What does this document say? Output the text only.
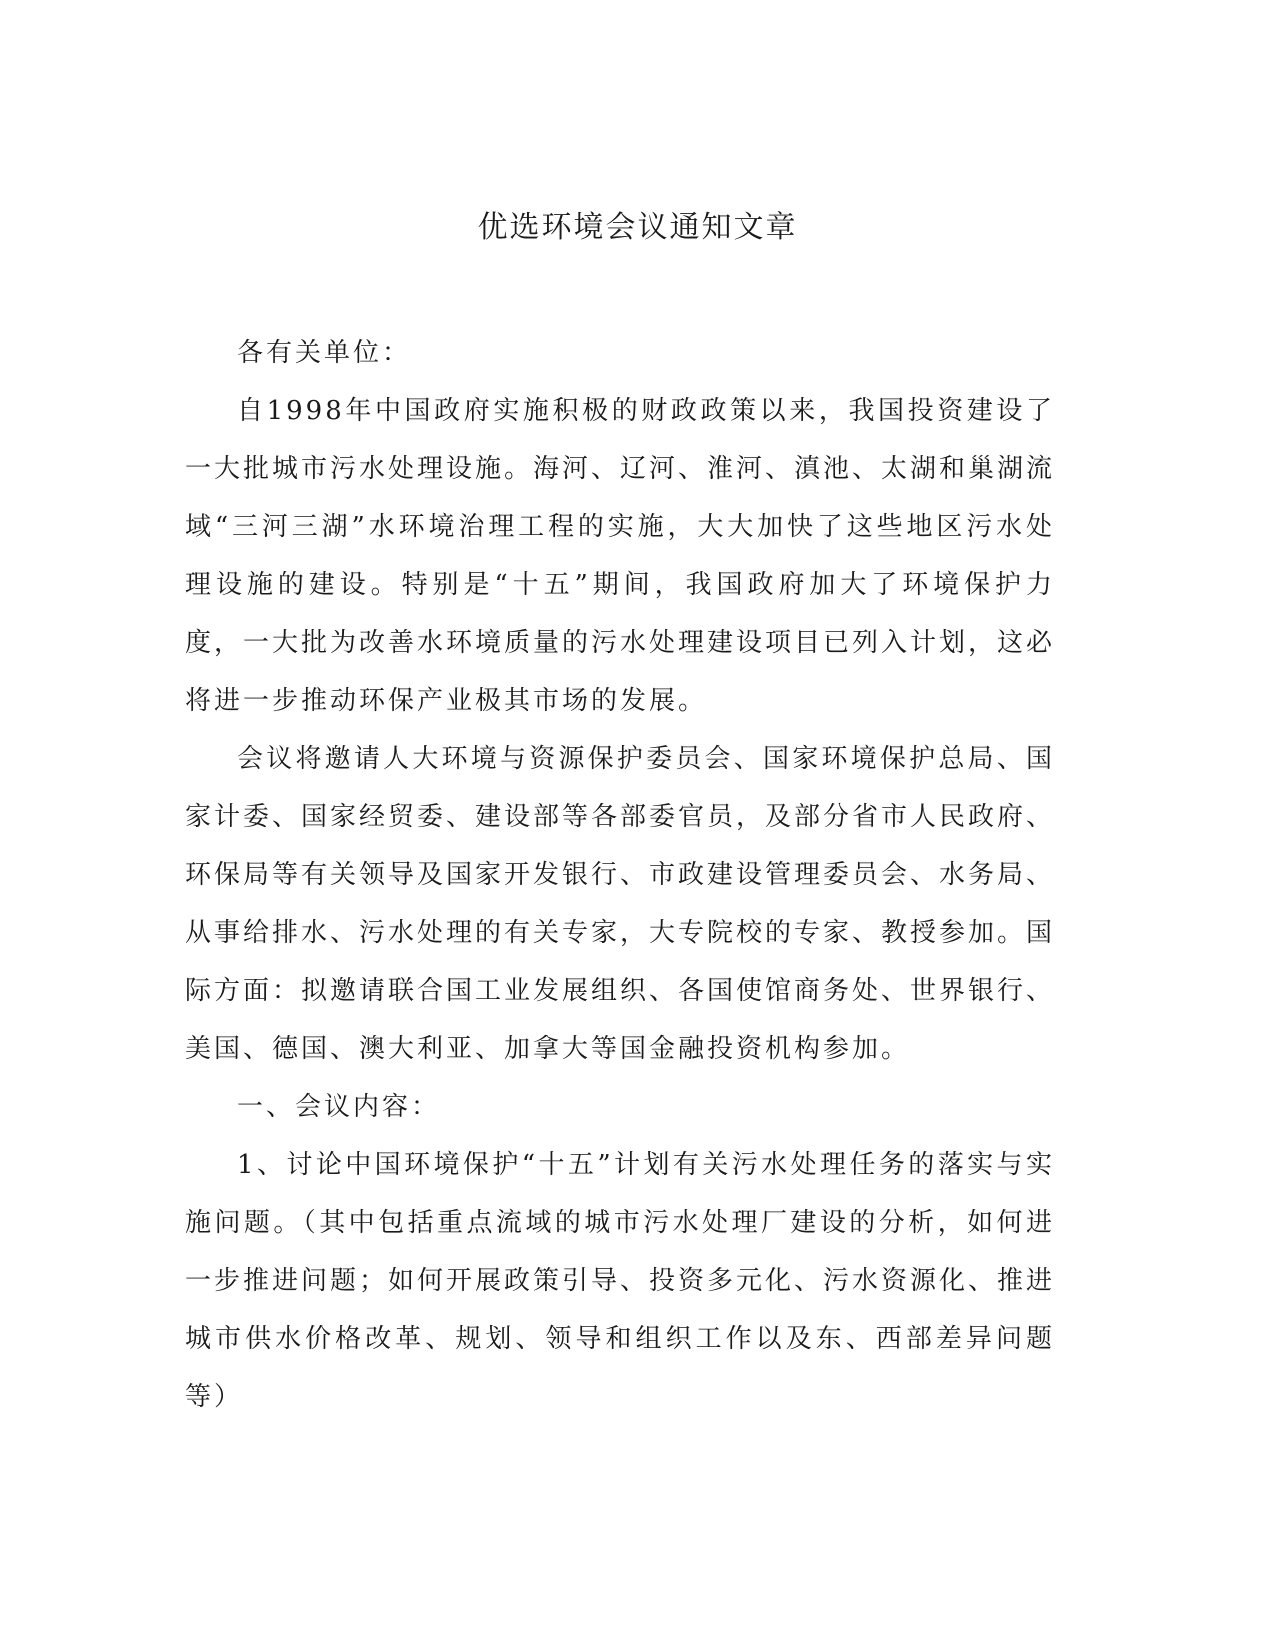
优选环境会议通知文章

各有关单位：

自1998年中国政府实施积极的财政政策以来，我国投资建设了一大批城市污水处理设施。海河、辽河、淮河、滇池、太湖和巢湖流域“三河三湖”水环境治理工程的实施，大大加快了这些地区污水处理设施的建设。特别是“十五”期间，我国政府加大了环境保护力度，一大批为改善水环境质量的污水处理建设项目已列入计划，这必将进一步推动环保产业极其市场的发展。

会议将邀请人大环境与资源保护委员会、国家环境保护总局、国家计委、国家经贸委、建设部等各部委官员，及部分省市人民政府、环保局等有关领导及国家开发银行、市政建设管理委员会、水务局、从事给排水、污水处理的有关专家，大专院校的专家、教授参加。国际方面：拟邀请联合国工业发展组织、各国使馆商务处、世界银行、美国、德国、澳大利亚、加拿大等国金融投资机构参加。

一、会议内容：

1、讨论中国环境保护“十五”计划有关污水处理任务的落实与实施问题。（其中包括重点流域的城市污水处理厂建设的分析，如何进一步推进问题；如何开展政策引导、投资多元化、污水资源化、推进城市供水价格改革、规划、领导和组织工作以及东、西部差异问题等）
